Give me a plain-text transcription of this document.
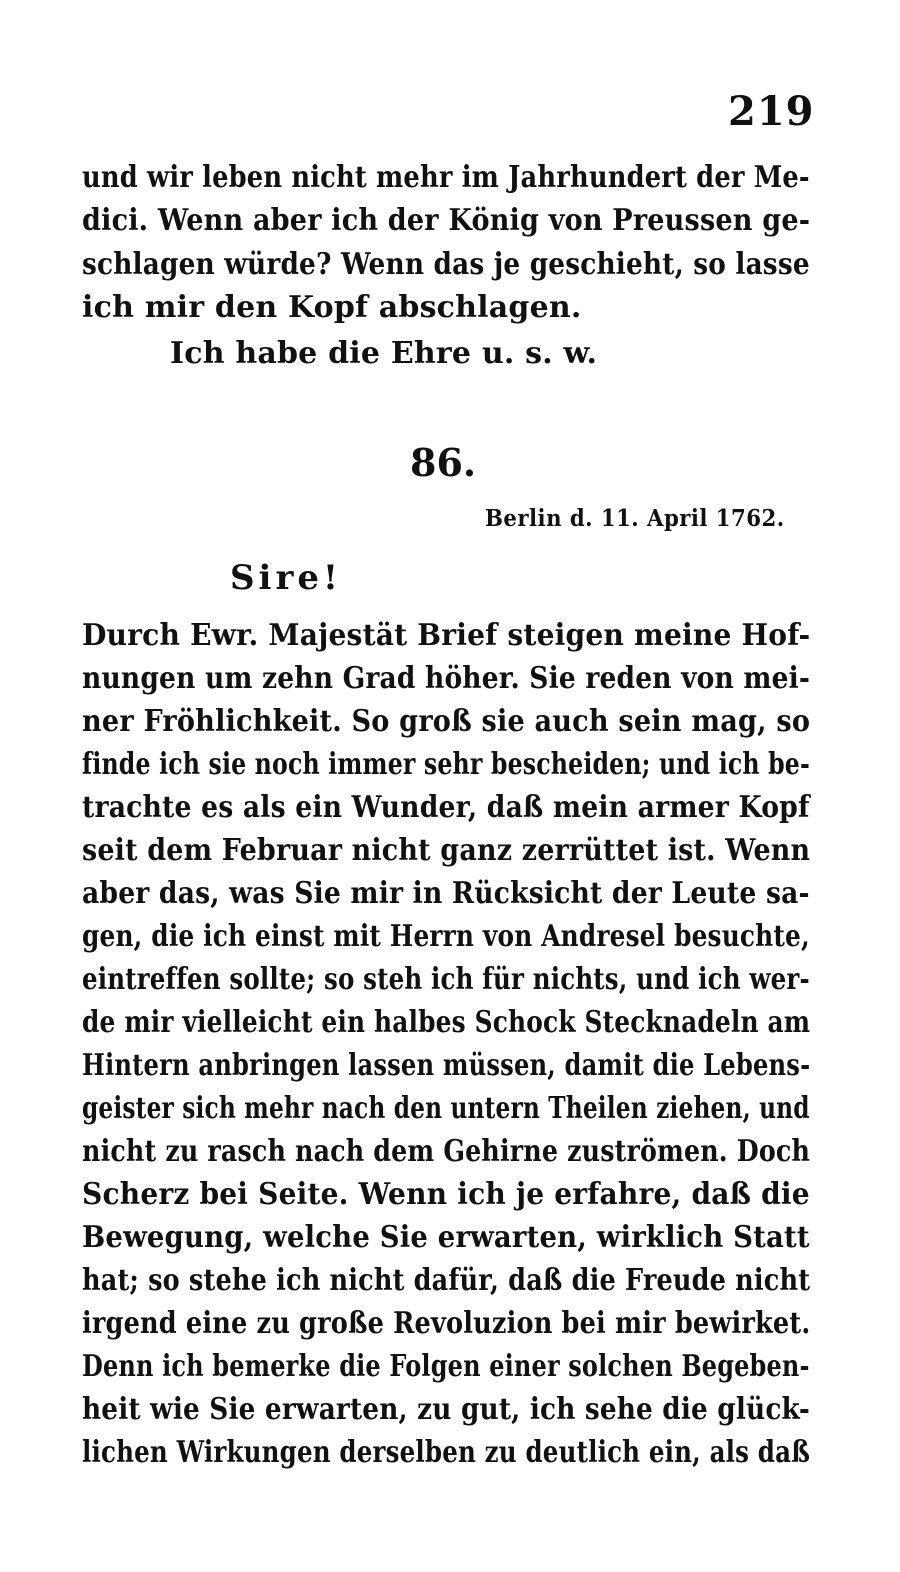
219
und wir leben nicht mehr im Jahrhundert der Me-
dici. Wenn aber ich der König von Preussen ge-
schlagen würde? Wenn das je geschieht, so lasse
ich mir den Kopf abschlagen.
Ich habe die Ehre u. s. w.
86.
Berlin d. 11. April 1762.
Sire!
Durch Ewr. Majestät Brief steigen meine Hof-
nungen um zehn Grad höher. Sie reden von mei-
ner Fröhlichkeit. So groß sie auch sein mag, so
finde ich sie noch immer sehr bescheiden; und ich be-
trachte es als ein Wunder, daß mein armer Kopf
seit dem Februar nicht ganz zerrüttet ist. Wenn
aber das, was Sie mir in Rücksicht der Leute sa-
gen, die ich einst mit Herrn von Andresel besuchte,
eintreffen sollte; so steh ich für nichts, und ich wer-
de mir vielleicht ein halbes Schock Stecknadeln am
Hintern anbringen lassen müssen, damit die Lebens-
geister sich mehr nach den untern Theilen ziehen, und
nicht zu rasch nach dem Gehirne zuströmen. Doch
Scherz bei Seite. Wenn ich je erfahre, daß die
Bewegung, welche Sie erwarten, wirklich Statt
hat; so stehe ich nicht dafür, daß die Freude nicht
irgend eine zu große Revoluzion bei mir bewirket.
Denn ich bemerke die Folgen einer solchen Begeben-
heit wie Sie erwarten, zu gut, ich sehe die glück-
lichen Wirkungen derselben zu deutlich ein, als daß
